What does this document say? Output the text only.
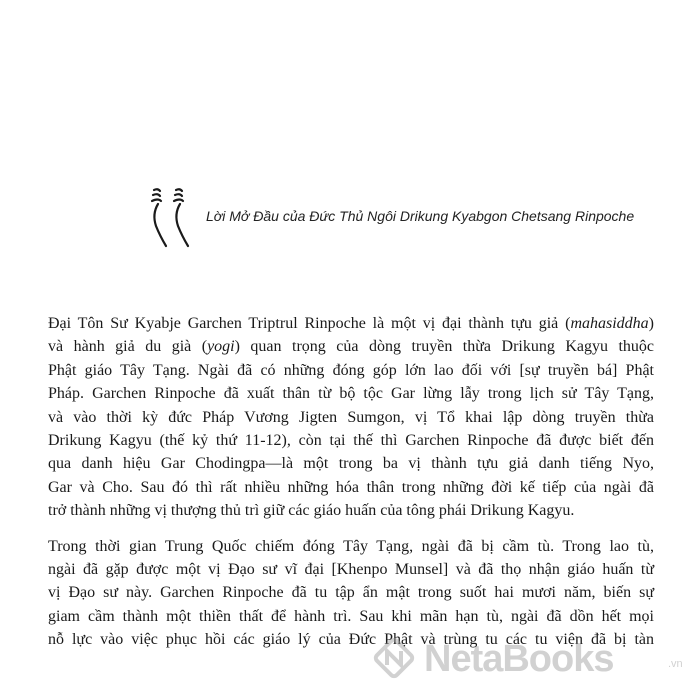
Lời Mở Đầu của Đức Thủ Ngôi Drikung Kyabgon Chetsang Rinpoche
Đại Tôn Sư Kyabje Garchen Triptrul Rinpoche là một vị đại thành tựu giả (mahasiddha)
và hành giả du già (yogi) quan trọng của dòng truyền thừa Drikung Kagyu thuộc
Phật giáo Tây Tạng. Ngài đã có những đóng góp lớn lao đối với [sự truyền bá] Phật
Pháp. Garchen Rinpoche đã xuất thân từ bộ tộc Gar lừng lẫy trong lịch sử Tây Tạng,
và vào thời kỳ đức Pháp Vương Jigten Sumgon, vị Tổ khai lập dòng truyền thừa
Drikung Kagyu (thế kỷ thứ 11-12), còn tại thế thì Garchen Rinpoche đã được biết đến
qua danh hiệu Gar Chodingpa—là một trong ba vị thành tựu giả danh tiếng Nyo,
Gar và Cho. Sau đó thì rất nhiều những hóa thân trong những đời kế tiếp của ngài đã
trở thành những vị thượng thủ trì giữ các giáo huấn của tông phái Drikung Kagyu.
Trong thời gian Trung Quốc chiếm đóng Tây Tạng, ngài đã bị cầm tù. Trong lao tù,
ngài đã gặp được một vị Đạo sư vĩ đại [Khenpo Munsel] và đã thọ nhận giáo huấn từ
vị Đạo sư này. Garchen Rinpoche đã tu tập ẩn mật trong suốt hai mươi năm, biến sự
giam cầm thành một thiền thất để hành trì. Sau khi mãn hạn tù, ngài đã dồn hết mọi
nỗ lực vào việc phục hồi các giáo lý của Đức Phật và trùng tu các tu viện đã bị tàn
NetaBooks	.vn
